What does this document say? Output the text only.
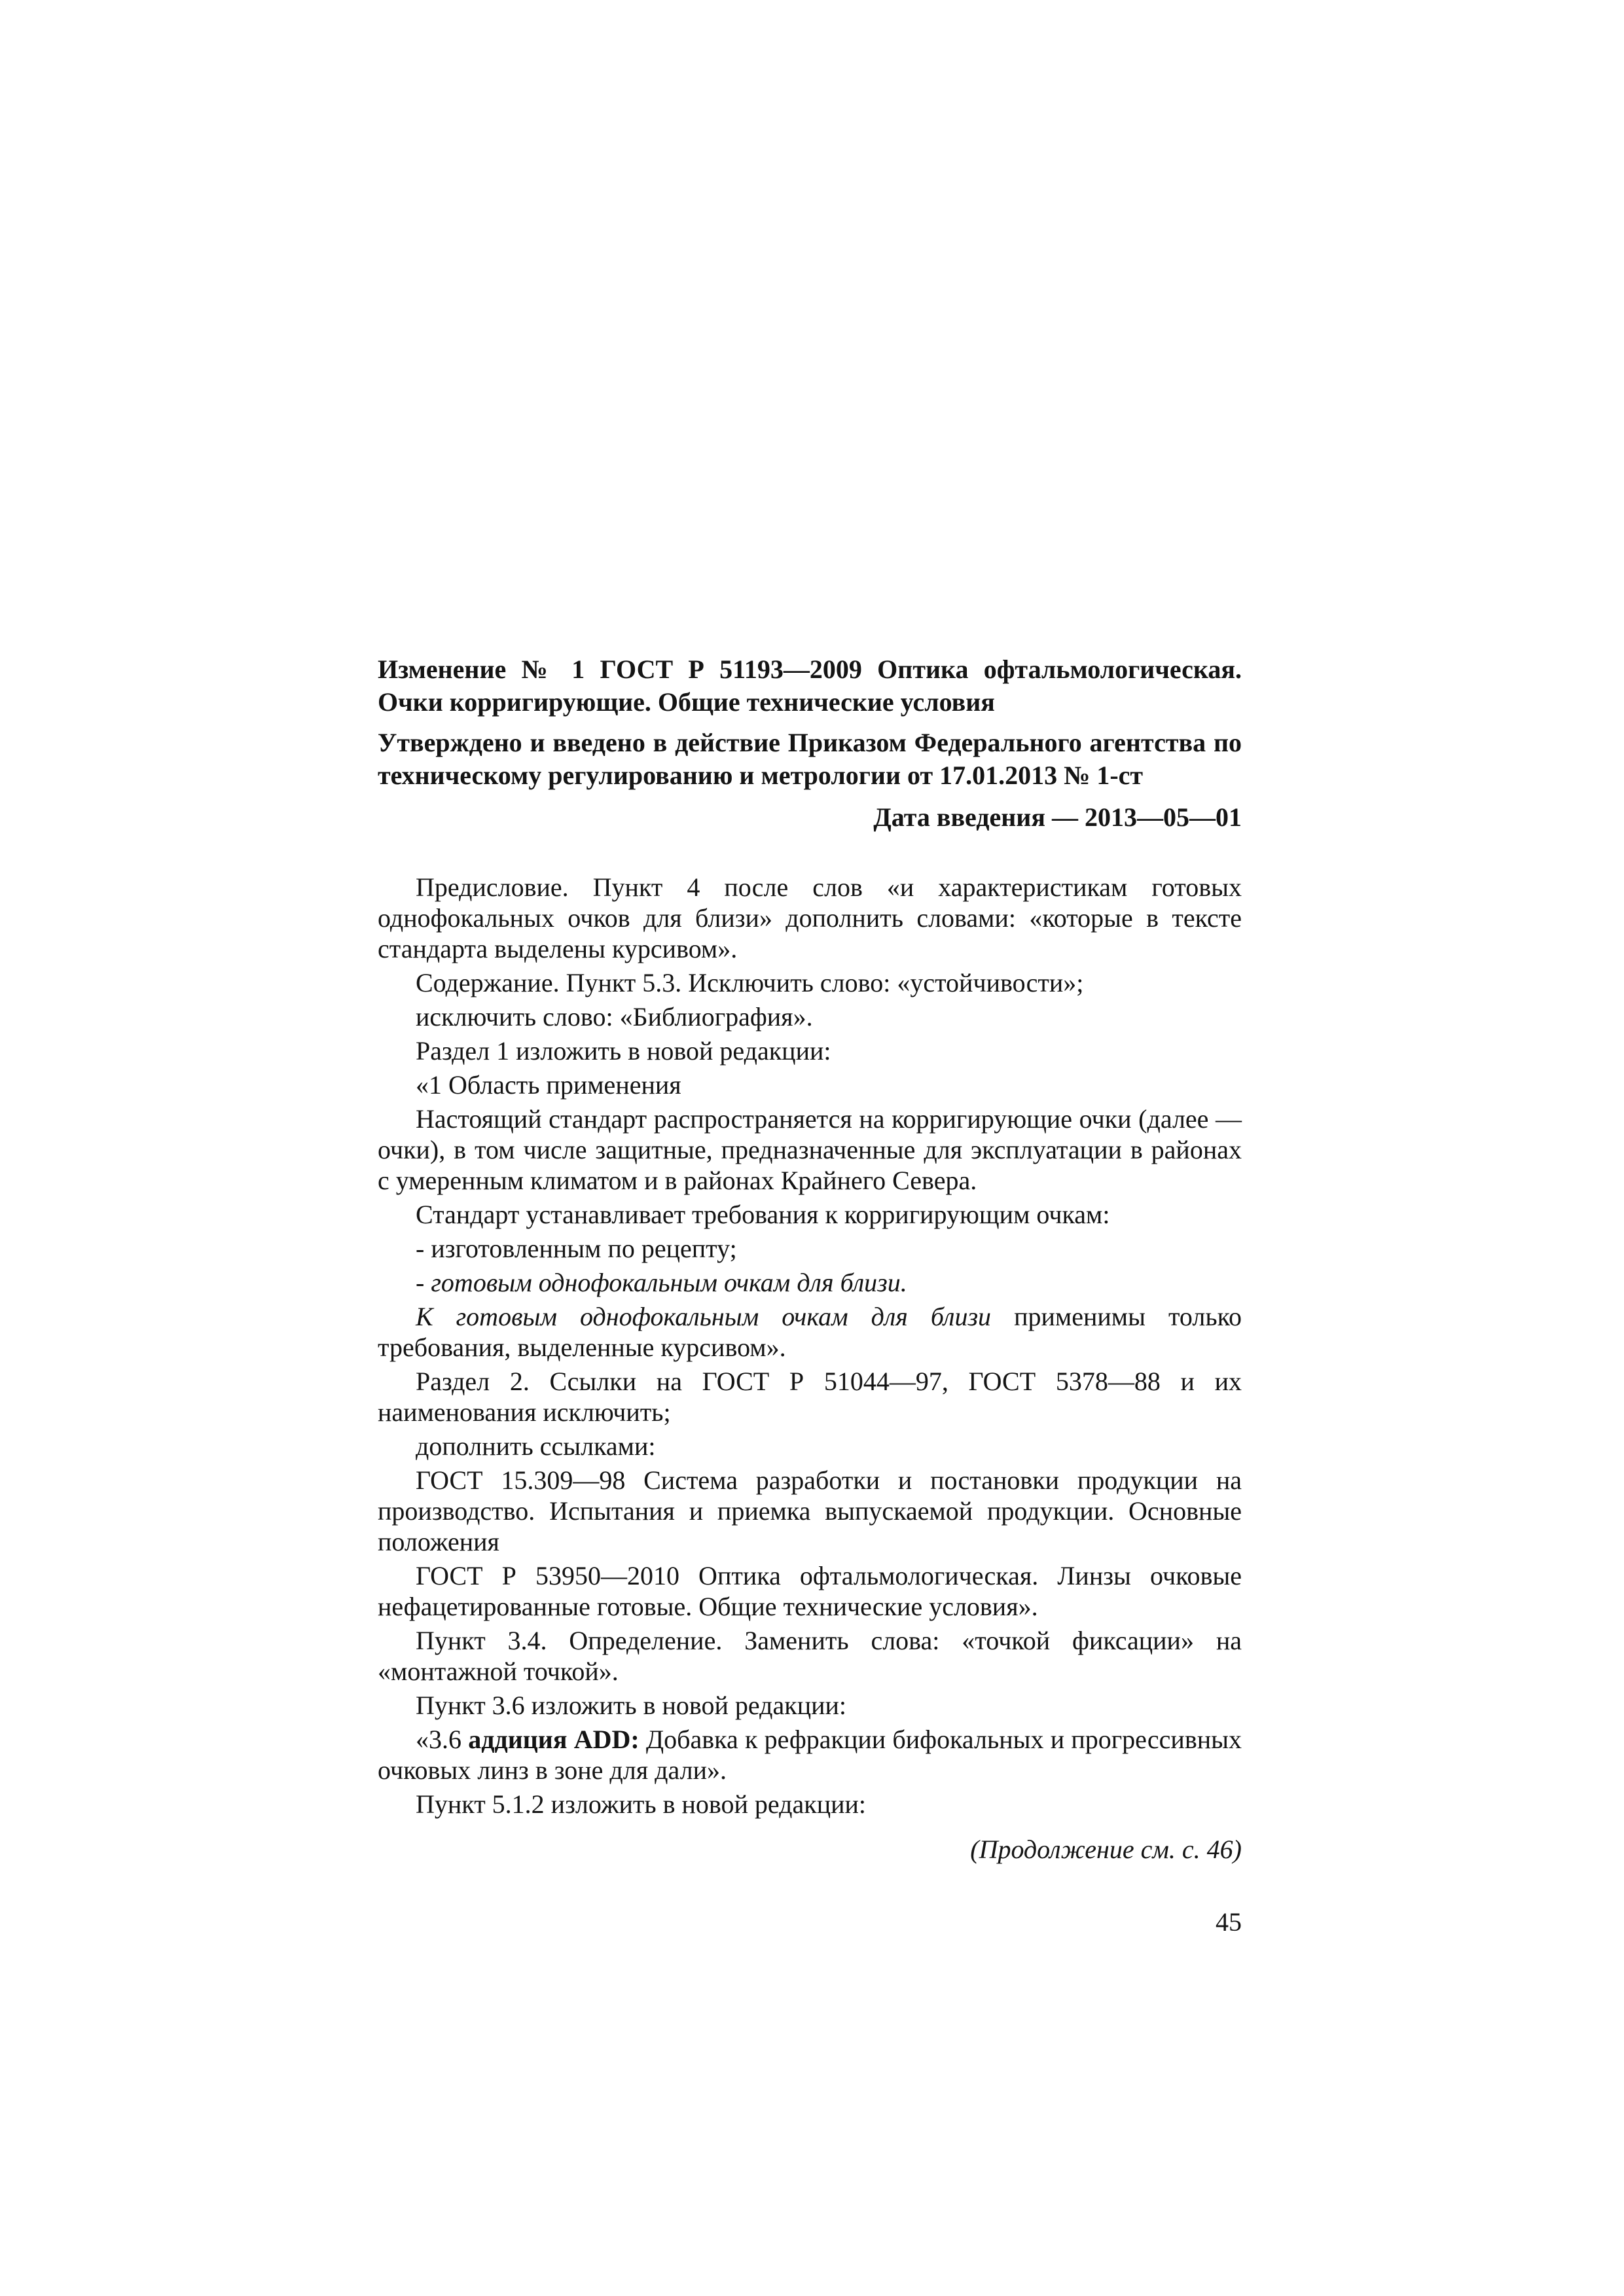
Изменение № 1 ГОСТ Р 51193—2009 Оптика офтальмологическая. Очки корригирующие. Общие технические условия

Утверждено и введено в действие Приказом Федерального агентства по техническому регулированию и метрологии от 17.01.2013 № 1-ст

Дата введения — 2013—05—01

Предисловие. Пункт 4 после слов «и характеристикам готовых однофокальных очков для близи» дополнить словами: «которые в тексте стандарта выделены курсивом».

Содержание. Пункт 5.3. Исключить слово: «устойчивости»;

исключить слово: «Библиография».

Раздел 1 изложить в новой редакции:

«1 Область применения

Настоящий стандарт распространяется на корригирующие очки (далее — очки), в том числе защитные, предназначенные для эксплуатации в районах с умеренным климатом и в районах Крайнего Севера.

Стандарт устанавливает требования к корригирующим очкам:

- изготовленным по рецепту;

- готовым однофокальным очкам для близи.

К готовым однофокальным очкам для близи применимы только требования, выделенные курсивом».

Раздел 2. Ссылки на ГОСТ Р 51044—97, ГОСТ 5378—88 и их наименования исключить;

дополнить ссылками:

ГОСТ 15.309—98 Система разработки и постановки продукции на производство. Испытания и приемка выпускаемой продукции. Основные положения

ГОСТ Р 53950—2010 Оптика офтальмологическая. Линзы очковые нефацетированные готовые. Общие технические условия».

Пункт 3.4. Определение. Заменить слова: «точкой фиксации» на «монтажной точкой».

Пункт 3.6 изложить в новой редакции:

«3.6 аддиция ADD: Добавка к рефракции бифокальных и прогрессивных очковых линз в зоне для дали».

Пункт 5.1.2 изложить в новой редакции:

(Продолжение см. с. 46)

45
